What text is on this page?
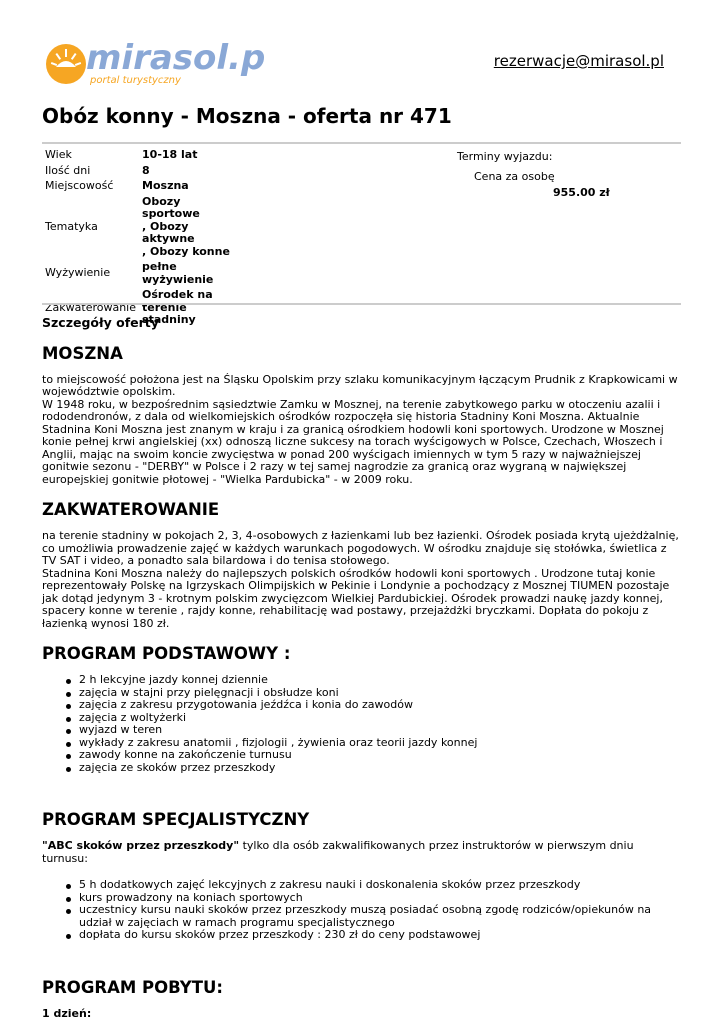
mirasol.pl
portal turystyczny
rezerwacje@mirasol.pl
Obóz konny - Moszna - oferta nr 471
Wiek	10-18 lat
Ilość dni	8
Miejscowość	Moszna
Tematyka	Obozy sportowe
, Obozy aktywne
, Obozy konne
Wyżywienie	pełne
wyżywienie
Zakwaterowanie	Ośrodek na
terenie stadniny
Terminy wyjazdu:
Cena za osobę
955.00 zł
Szczegóły oferty
MOSZNA

to miejscowość położona jest na Śląsku Opolskim przy szlaku komunikacyjnym łączącym Prudnik z Krapkowicami w województwie opolskim.
W 1948 roku, w bezpośrednim sąsiedztwie Zamku w Mosznej, na terenie zabytkowego parku w otoczeniu azalii i rododendronów, z dala od wielkomiejskich ośrodków rozpoczęła się historia Stadniny Koni Moszna. Aktualnie Stadnina Koni Moszna jest znanym w kraju i za granicą ośrodkiem hodowli koni sportowych. Urodzone w Mosznej konie pełnej krwi angielskiej (xx) odnoszą liczne sukcesy na torach wyścigowych w Polsce, Czechach, Włoszech i Anglii, mając na swoim koncie zwycięstwa w ponad 200 wyścigach imiennych w tym 5 razy w najważniejszej gonitwie sezonu - "DERBY" w Polsce i 2 razy w tej samej nagrodzie za granicą oraz wygraną w największej europejskiej gonitwie płotowej - "Wielka Pardubicka" - w 2009 roku.

ZAKWATEROWANIE

na terenie stadniny w pokojach 2, 3, 4-osobowych z łazienkami lub bez łazienki. Ośrodek posiada krytą ujeżdżalnię, co umożliwia prowadzenie zajęć w każdych warunkach pogodowych. W ośrodku znajduje się stołówka, świetlica z TV SAT i video, a ponadto sala bilardowa i do tenisa stołowego.
Stadnina Koni Moszna należy do najlepszych polskich ośrodków hodowli koni sportowych . Urodzone tutaj konie reprezentowały Polskę na Igrzyskach Olimpijskich w Pekinie i Londynie a pochodzący z Mosznej TIUMEN pozostaje jak dotąd jedynym 3 - krotnym polskim zwycięzcom Wielkiej Pardubickiej. Ośrodek prowadzi naukę jazdy konnej, spacery konne w terenie , rajdy konne, rehabilitację wad postawy, przejażdżki bryczkami. Dopłata do pokoju z łazienką wynosi 180 zł.

PROGRAM PODSTAWOWY :
2 h lekcyjne jazdy konnej dziennie
zajęcia w stajni przy pielęgnacji i obsłudze koni
zajęcia z zakresu przygotowania jeźdźca i konia do zawodów
zajęcia z woltyżerki
wyjazd w teren
wykłady z zakresu anatomii , fizjologii , żywienia oraz teorii jazdy konnej
zawody konne na zakończenie turnusu
zajęcia ze skoków przez przeszkody
PROGRAM SPECJALISTYCZNY

"ABC skoków przez przeszkody" tylko dla osób zakwalifikowanych przez instruktorów w pierwszym dniu turnusu:

5 h dodatkowych zajęć lekcyjnych z zakresu nauki i doskonalenia skoków przez przeszkody
kurs prowadzony na koniach sportowych
uczestnicy kursu nauki skoków przez przeszkody muszą posiadać osobną zgodę rodziców/opiekunów na udział w zajęciach w ramach programu specjalistycznego
dopłata do kursu skoków przez przeszkody : 230 zł do ceny podstawowej
PROGRAM POBYTU:

1 dzień:
